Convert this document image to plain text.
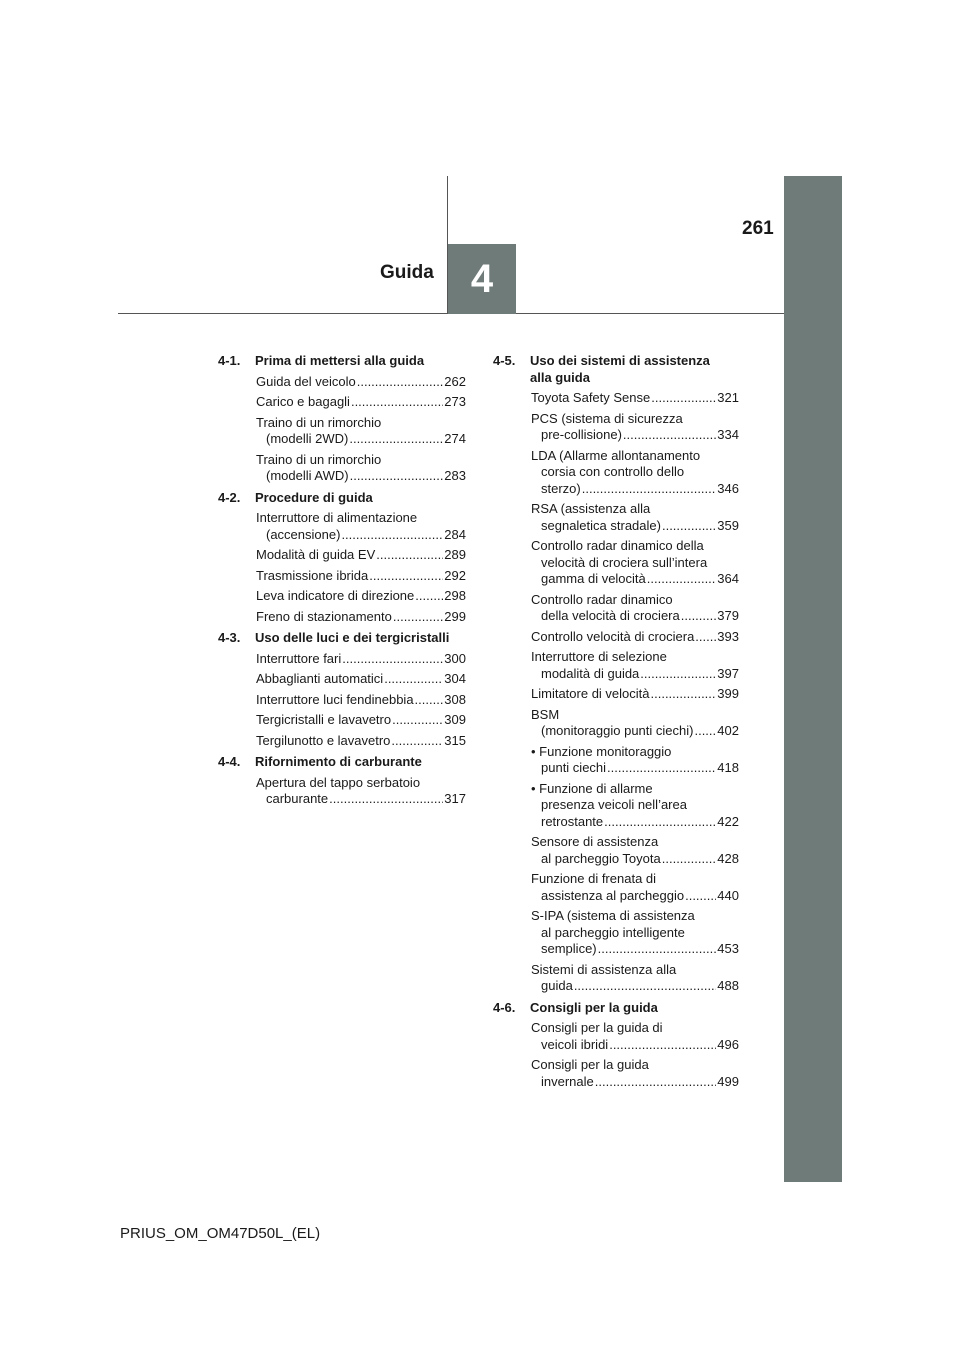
261
Guida 4
4-1. Prima di mettersi alla guida
Guida del veicolo .....	262
Carico e bagagli .....	273
Traino di un rimorchio
(modelli 2WD) .....	274
Traino di un rimorchio
(modelli AWD) .....	283
4-2. Procedure di guida
Interruttore di alimentazione
(accensione) .....	284
Modalità di guida EV .....	289
Trasmissione ibrida .....	292
Leva indicatore di direzione ..... 298
Freno di stazionamento .....	299
4-3. Uso delle luci e dei tergicristalli
Interruttore fari .....	300
Abbaglianti automatici .....	304
Interruttore luci fendinebbia ..... 308
Tergicristalli e lavavetro .....	309
Tergilunotto e lavavetro .....	315
4-4. Rifornimento di carburante
Apertura del tappo serbatoio
carburante .....	317
4-5. Uso dei sistemi di assistenza
alla guida
Toyota Safety Sense .....	321
PCS (sistema di sicurezza
pre-collisione) .....	334
LDA (Allarme allontanamento
corsia con controllo dello
sterzo) .....	346
RSA (assistenza alla
segnaletica stradale) .....	359
Controllo radar dinamico della
velocità di crociera sull’intera
gamma di velocità .....	364
Controllo radar dinamico
della velocità di crociera .....	379
Controllo velocità di crociera ..... 393
Interruttore di selezione
modalità di guida .....	397
Limitatore di velocità .....	399
BSM
(monitoraggio punti ciechi) ..... 402
• Funzione monitoraggio
punti ciechi .....	418
• Funzione di allarme
presenza veicoli nell’area
retrostante .....	422
Sensore di assistenza
al parcheggio Toyota .....	428
Funzione di frenata di
assistenza al parcheggio .....	440
S-IPA (sistema di assistenza
al parcheggio intelligente
semplice) .....	453
Sistemi di assistenza alla
guida .....	488
4-6. Consigli per la guida
Consigli per la guida di
veicoli ibridi .....	496
Consigli per la guida
invernale .....	499
PRIUS_OM_OM47D50L_(EL)
